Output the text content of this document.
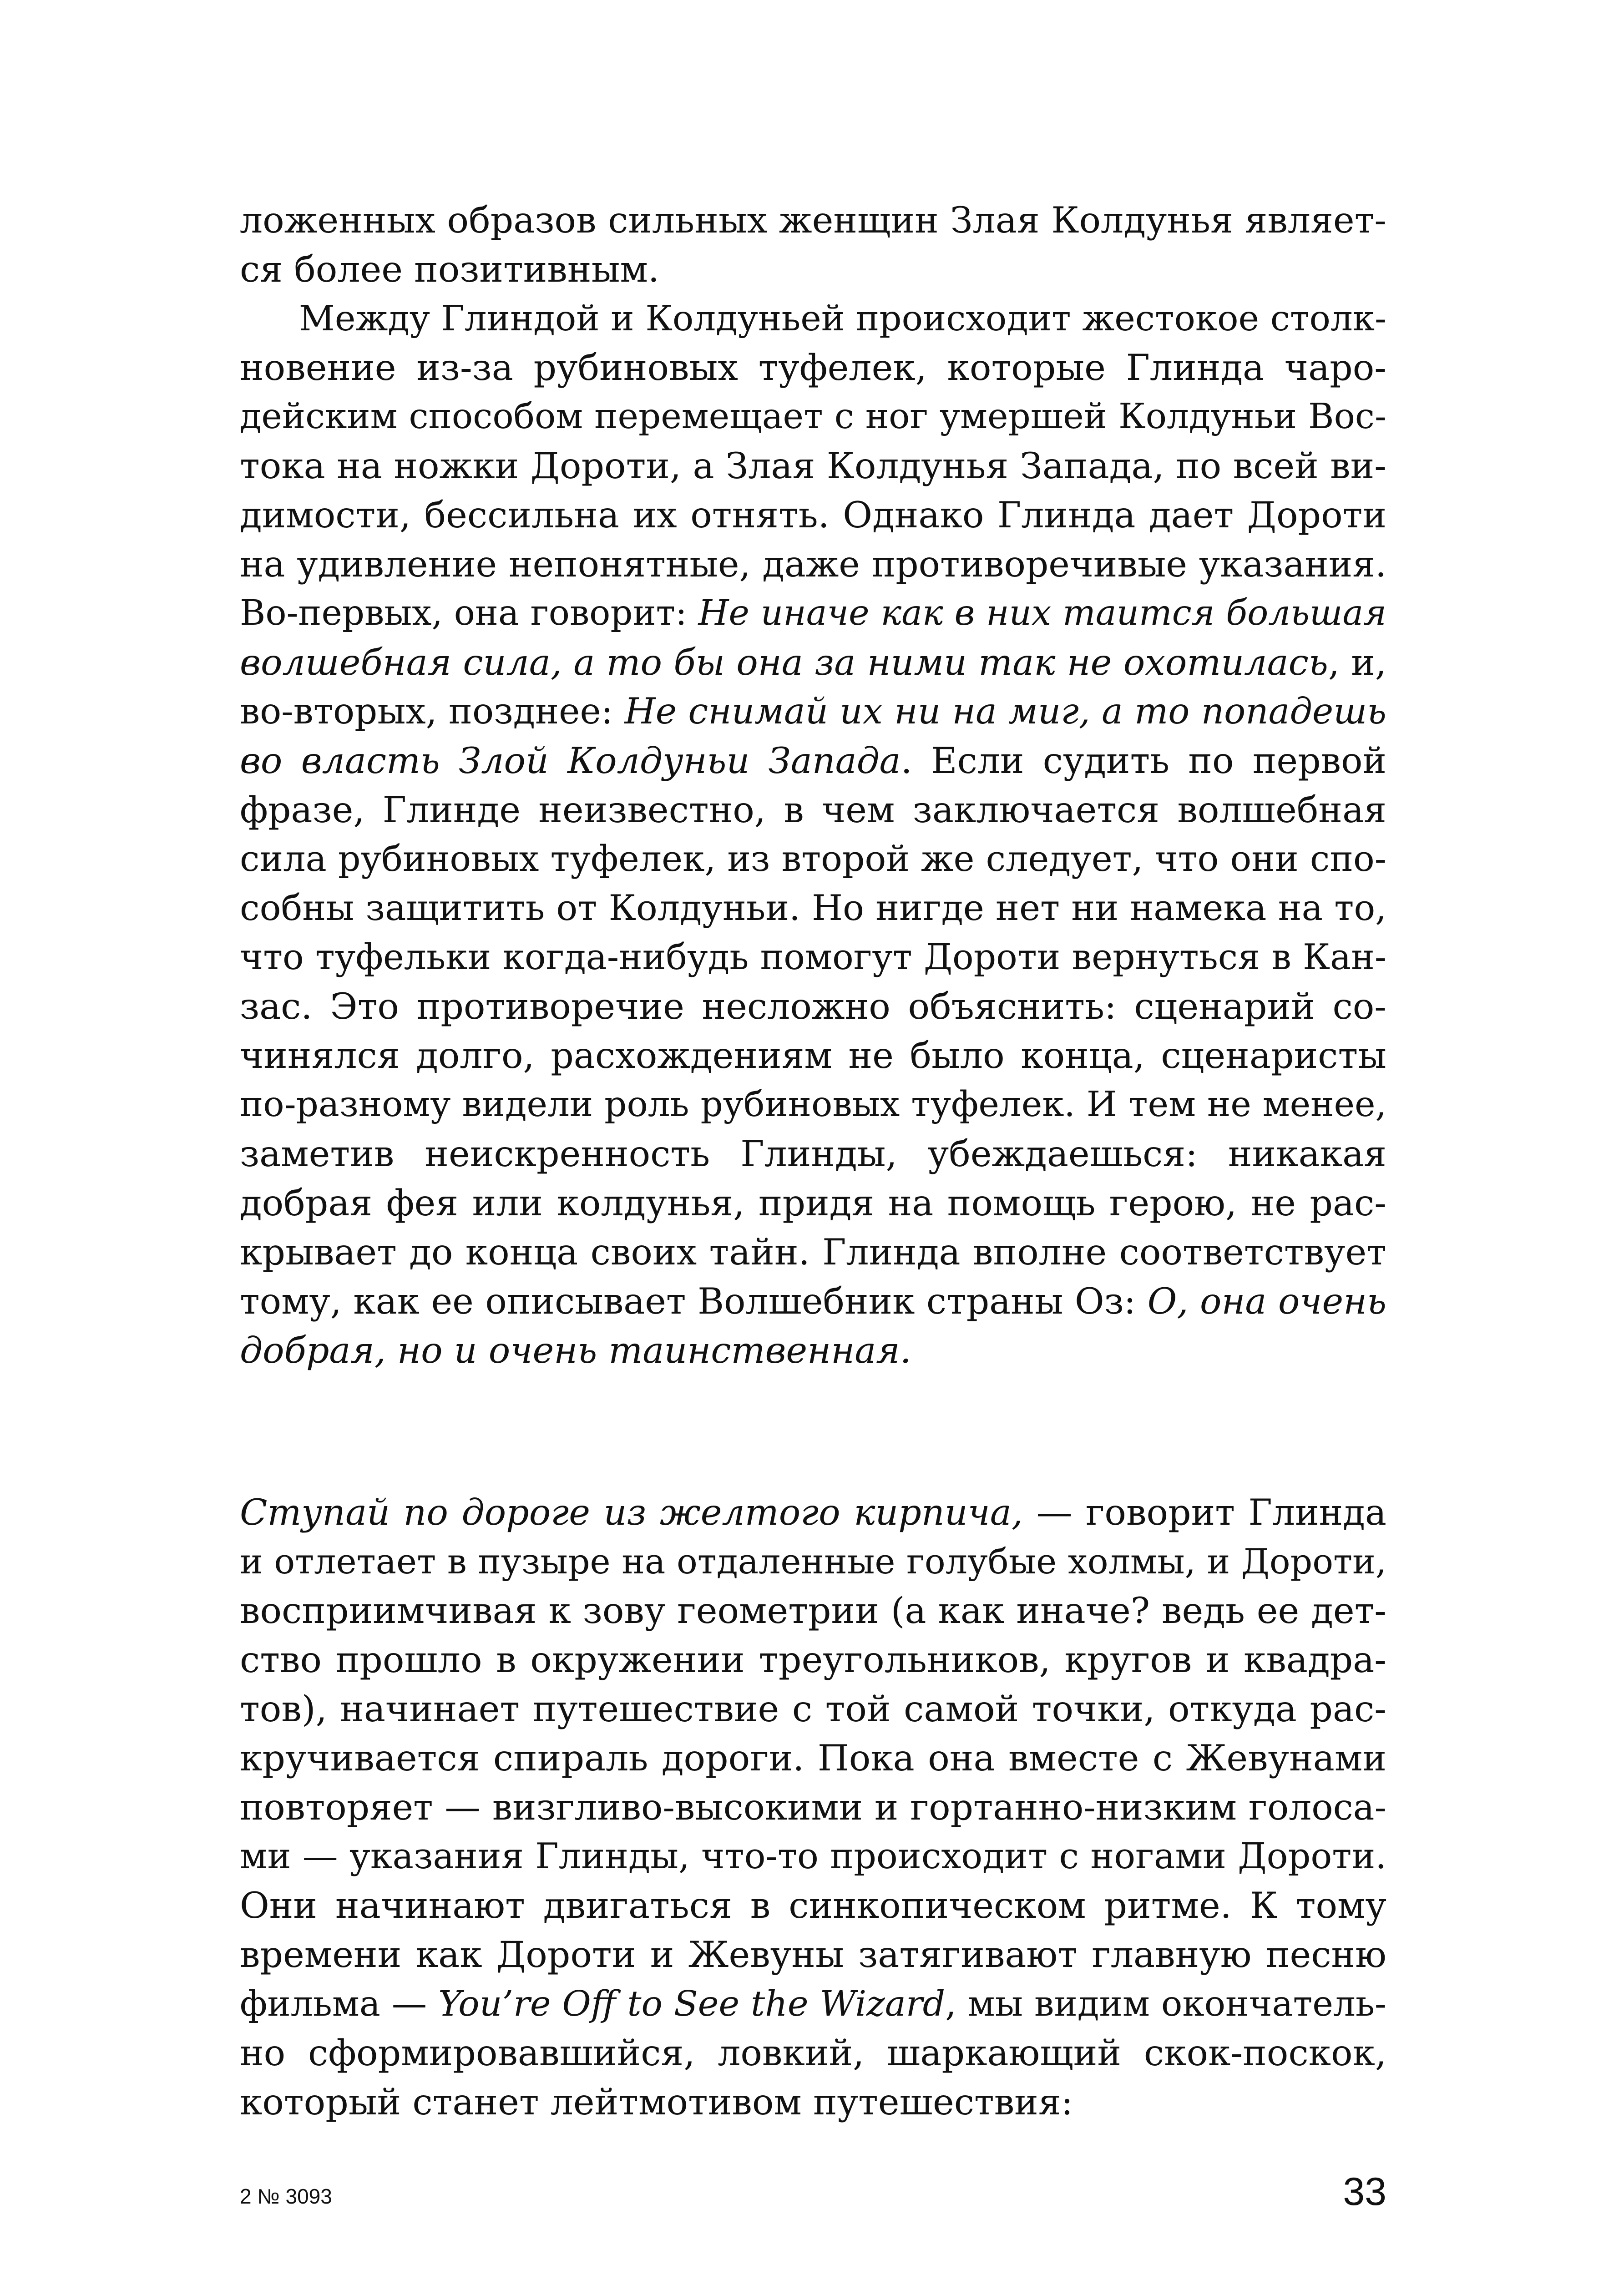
ложенных образов сильных женщин Злая Колдунья являет-
ся более позитивным.
Между Глиндой и Колдуньей происходит жестокое столк-
новение из-за рубиновых туфелек, которые Глинда чаро-
дейским способом перемещает с ног умершей Колдуньи Вос-
тока на ножки Дороти, а Злая Колдунья Запада, по всей ви-
димости, бессильна их отнять. Однако Глинда дает Дороти
на удивление непонятные, даже противоречивые указания.
Во-первых, она говорит: Не иначе как в них таится большая
волшебная сила, а то бы она за ними так не охотилась, и,
во-вторых, позднее: Не снимай их ни на миг, а то попадешь
во власть Злой Колдуньи Запада. Если судить по первой
фразе, Глинде неизвестно, в чем заключается волшебная
сила рубиновых туфелек, из второй же следует, что они спо-
собны защитить от Колдуньи. Но нигде нет ни намека на то,
что туфельки когда-нибудь помогут Дороти вернуться в Кан-
зас. Это противоречие несложно объяснить: сценарий со-
чинялся долго, расхождениям не было конца, сценаристы
по-разному видели роль рубиновых туфелек. И тем не менее,
заметив неискренность Глинды, убеждаешься: никакая
добрая фея или колдунья, придя на помощь герою, не рас-
крывает до конца своих тайн. Глинда вполне соответствует
тому, как ее описывает Волшебник страны Оз: О, она очень
добрая, но и очень таинственная.
Ступай по дороге из желтого кирпича, — говорит Глинда
и отлетает в пузыре на отдаленные голубые холмы, и Дороти,
восприимчивая к зову геометрии (а как иначе? ведь ее дет-
ство прошло в окружении треугольников, кругов и квадра-
тов), начинает путешествие с той самой точки, откуда рас-
кручивается спираль дороги. Пока она вместе с Жевунами
повторяет — визгливо-высокими и гортанно-низким голоса-
ми — указания Глинды, что-то происходит с ногами Дороти.
Они начинают двигаться в синкопическом ритме. К тому
времени как Дороти и Жевуны затягивают главную песню
фильма — You’re Off to See the Wizard, мы видим окончатель-
но сформировавшийся, ловкий, шаркающий скок-поскок,
который станет лейтмотивом путешествия:
2 № 3093	33
